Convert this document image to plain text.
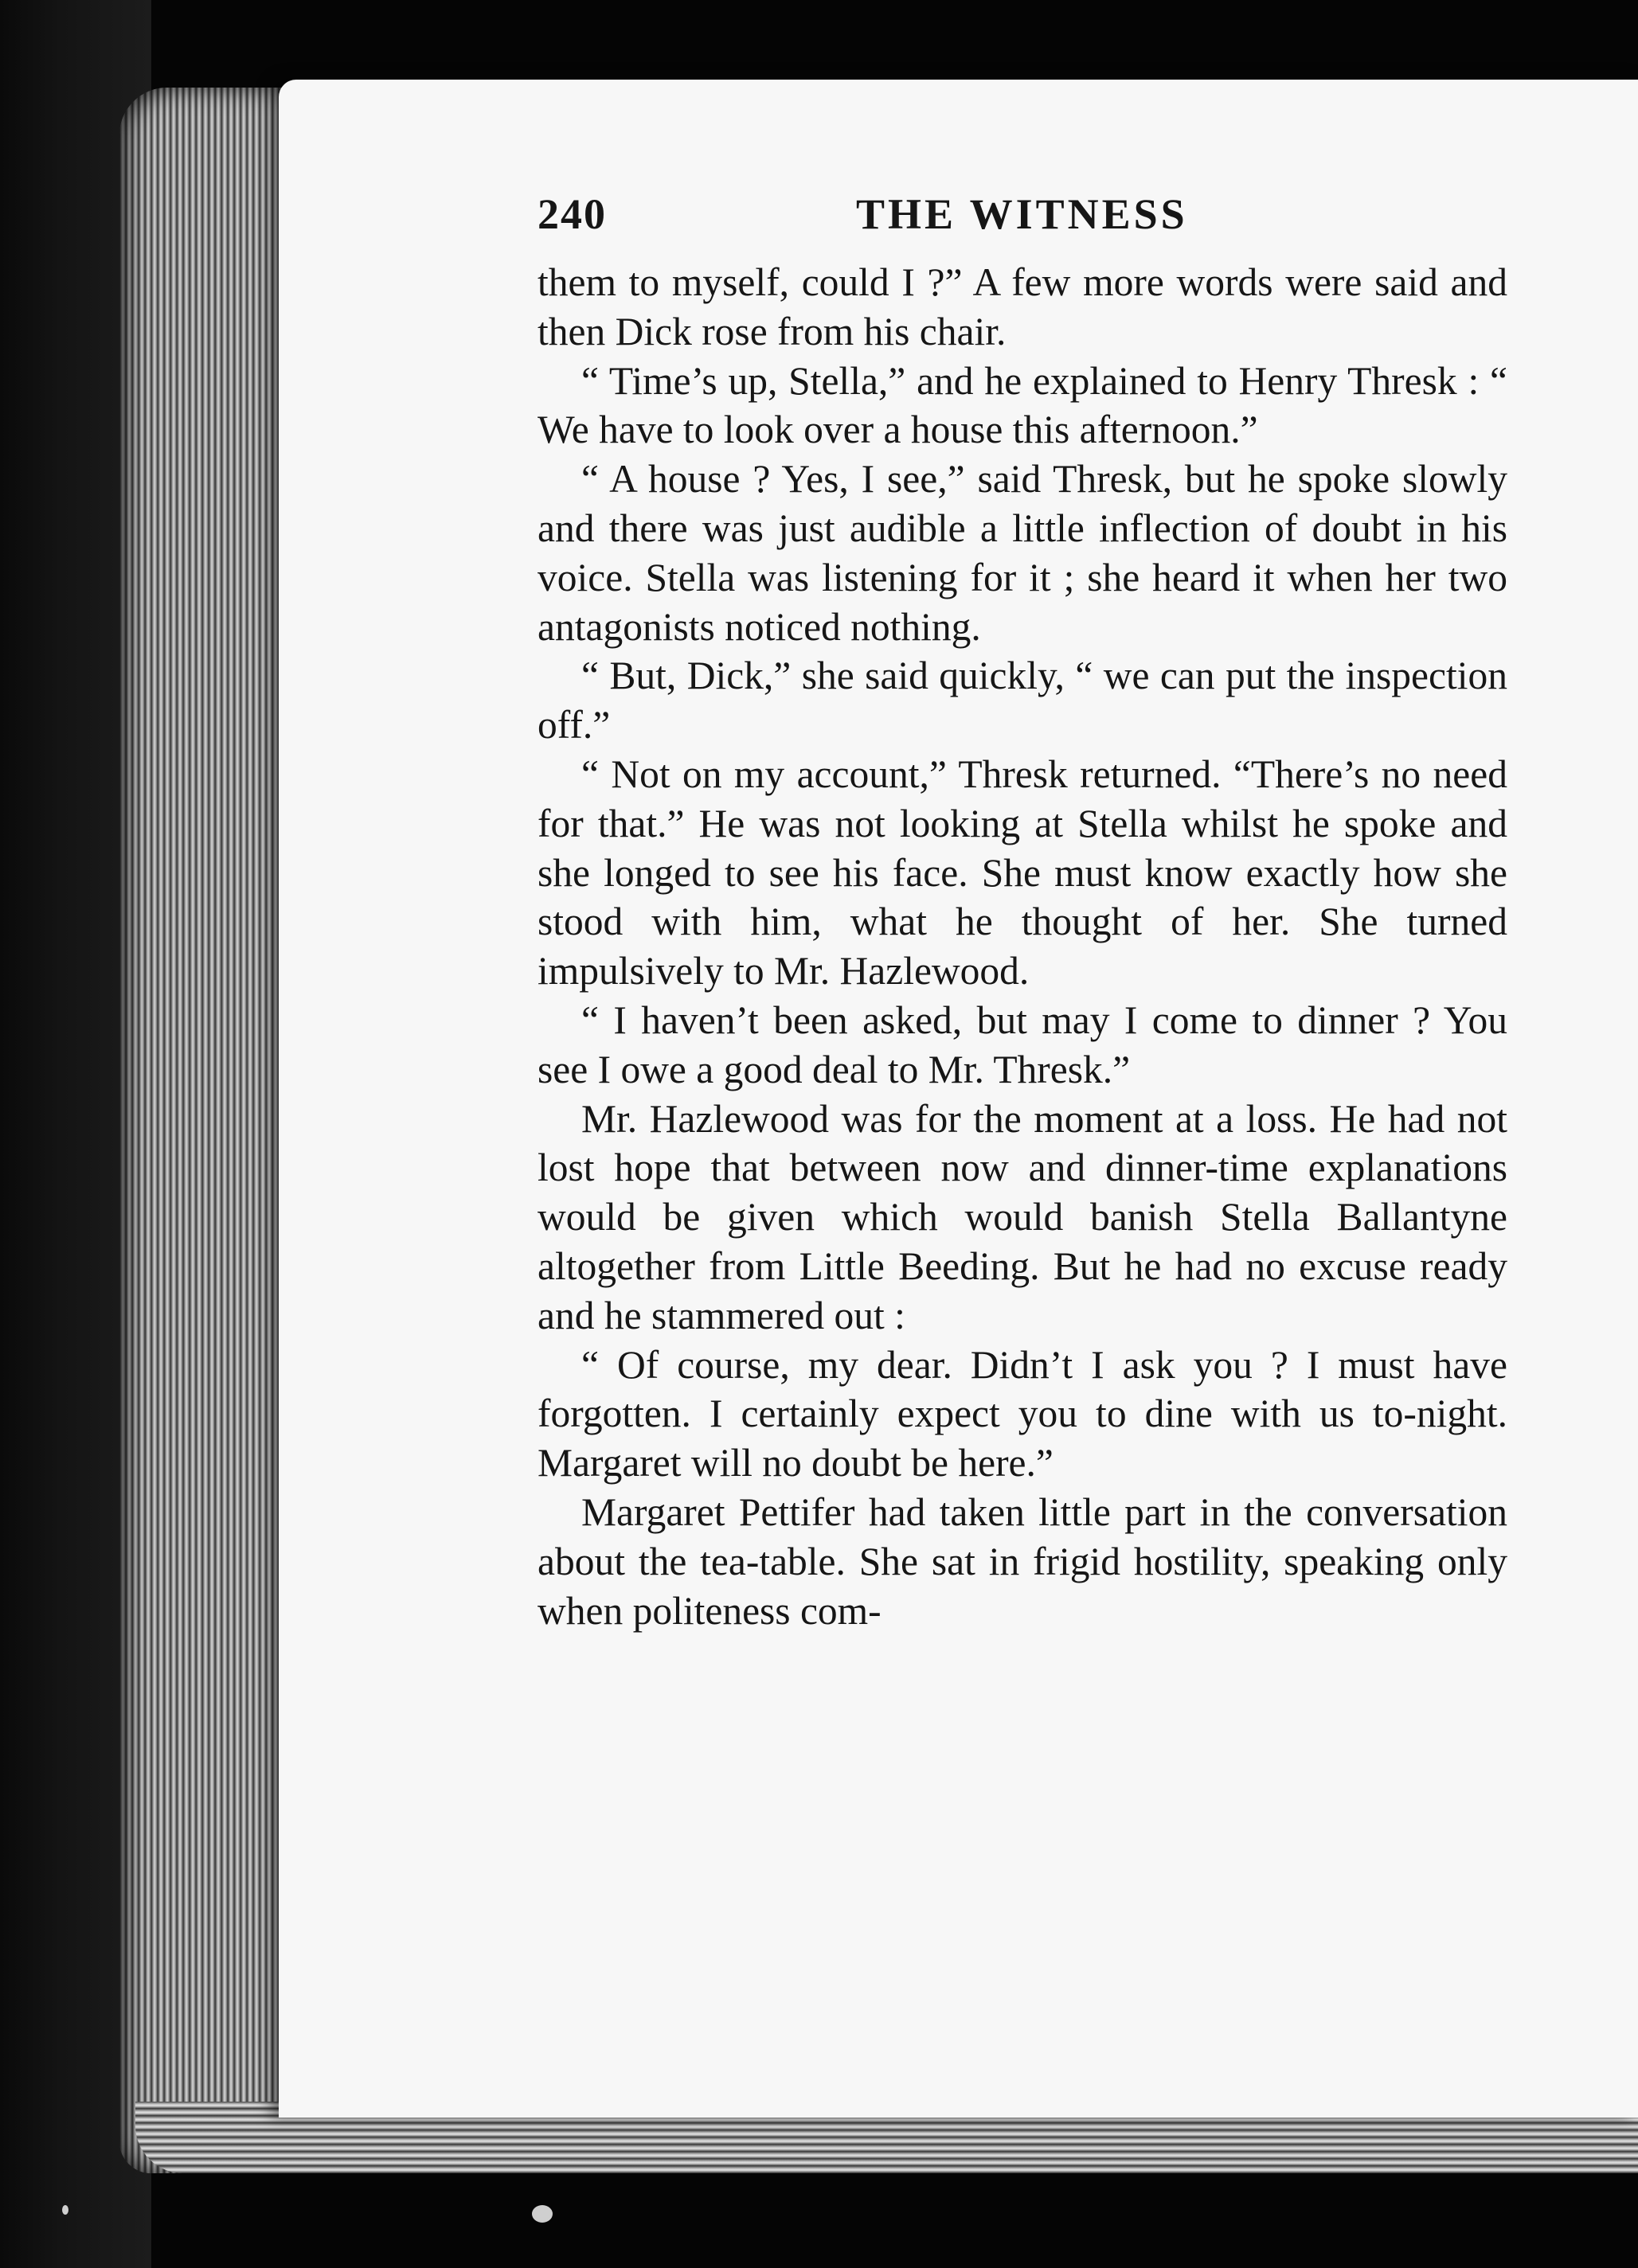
240	THE WITNESS

them to myself, could I ?” A few more words were said and then Dick rose from his chair.

“ Time’s up, Stella,” and he explained to Henry Thresk : “ We have to look over a house this afternoon.”

“ A house ? Yes, I see,” said Thresk, but he spoke slowly and there was just audible a little inflection of doubt in his voice. Stella was listening for it ; she heard it when her two antagonists noticed nothing.

“ But, Dick,” she said quickly, “ we can put the inspection off.”

“ Not on my account,” Thresk returned. “There’s no need for that.” He was not looking at Stella whilst he spoke and she longed to see his face. She must know exactly how she stood with him, what he thought of her. She turned impulsively to Mr. Hazlewood.

“ I haven’t been asked, but may I come to dinner ? You see I owe a good deal to Mr. Thresk.”

Mr. Hazlewood was for the moment at a loss. He had not lost hope that between now and dinner-time explanations would be given which would banish Stella Ballantyne altogether from Little Beeding. But he had no excuse ready and he stammered out :

“ Of course, my dear. Didn’t I ask you ? I must have forgotten. I certainly expect you to dine with us to-night. Margaret will no doubt be here.”

Margaret Pettifer had taken little part in the conversation about the tea-table. She sat in frigid hostility, speaking only when politeness com-
